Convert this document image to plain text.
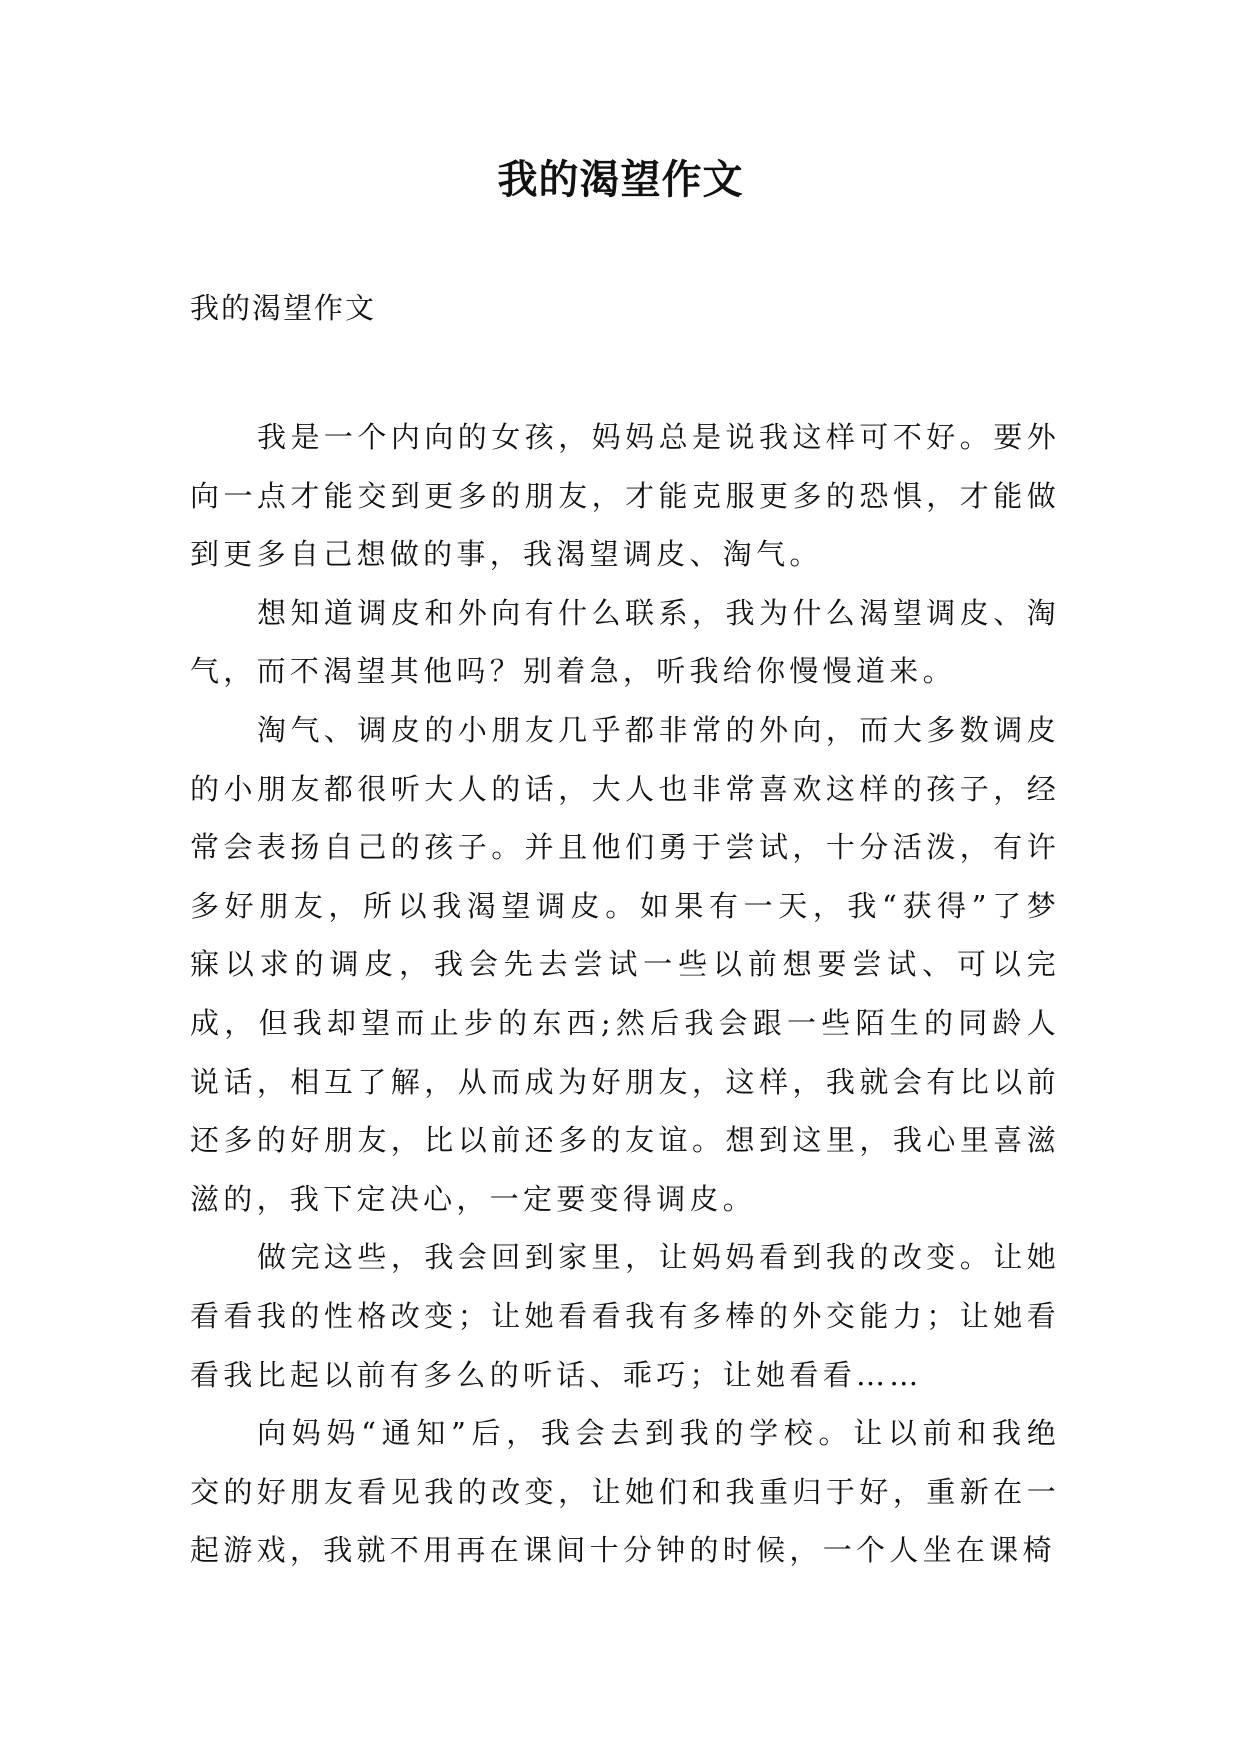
我的渴望作文

我的渴望作文

我是一个内向的女孩，妈妈总是说我这样可不好。要外向一点才能交到更多的朋友，才能克服更多的恐惧，才能做到更多自己想做的事，我渴望调皮、淘气。

想知道调皮和外向有什么联系，我为什么渴望调皮、淘气，而不渴望其他吗？别着急，听我给你慢慢道来。

淘气、调皮的小朋友几乎都非常的外向，而大多数调皮的小朋友都很听大人的话，大人也非常喜欢这样的孩子，经常会表扬自己的孩子。并且他们勇于尝试，十分活泼，有许多好朋友，所以我渴望调皮。如果有一天，我“获得”了梦寐以求的调皮，我会先去尝试一些以前想要尝试、可以完成，但我却望而止步的东西;然后我会跟一些陌生的同龄人说话，相互了解，从而成为好朋友，这样，我就会有比以前还多的好朋友，比以前还多的友谊。想到这里，我心里喜滋滋的，我下定决心，一定要变得调皮。

做完这些，我会回到家里，让妈妈看到我的改变。让她看看我的性格改变；让她看看我有多棒的外交能力；让她看看我比起以前有多么的听话、乖巧；让她看看……

向妈妈“通知”后，我会去到我的学校。让以前和我绝交的好朋友看见我的改变，让她们和我重归于好，重新在一起游戏，我就不用再在课间十分钟的时候，一个人坐在课椅
